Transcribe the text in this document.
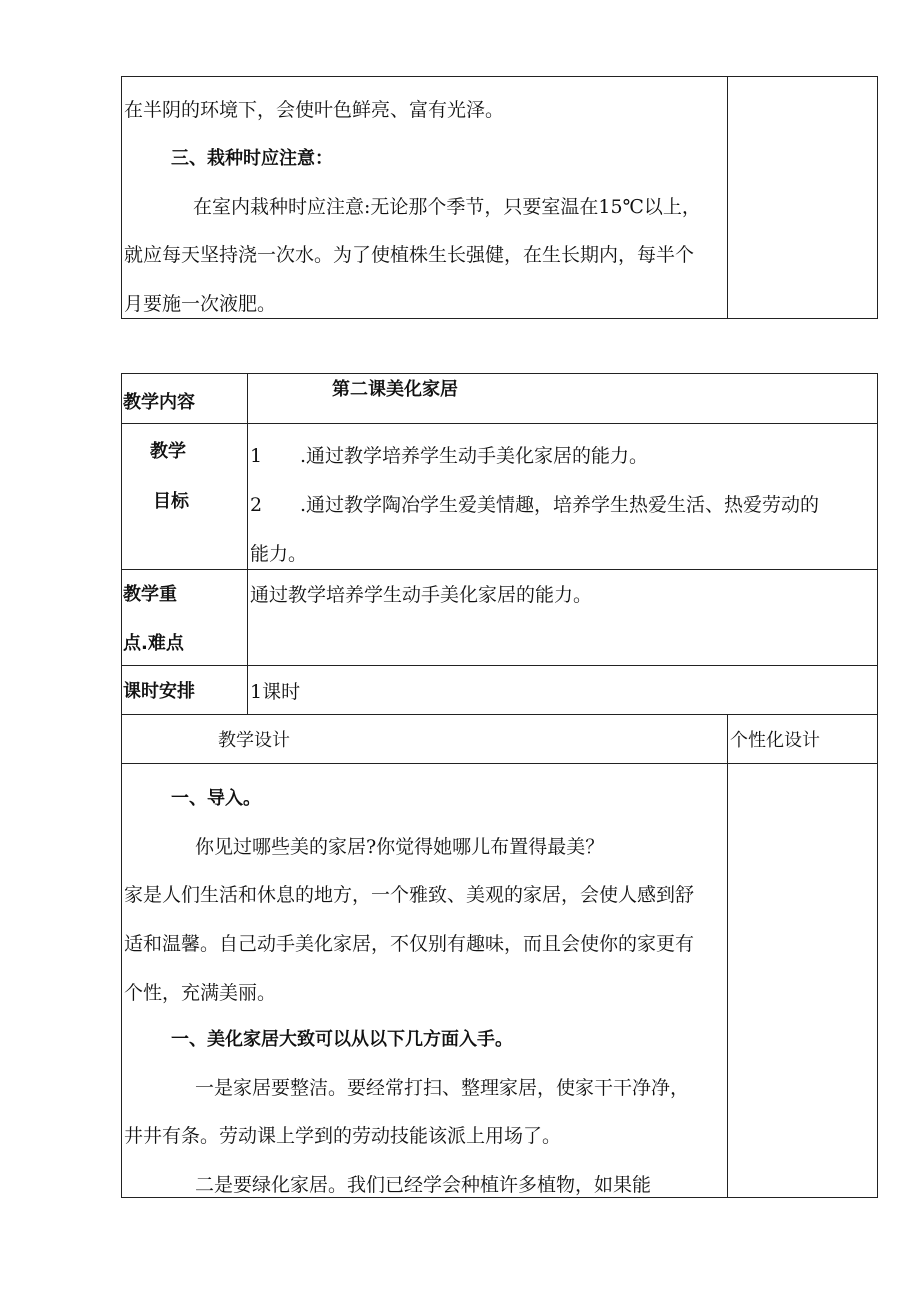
在半阴的环境下，会使叶色鲜亮、富有光泽。
三、栽种时应注意：
在室内栽种时应注意:无论那个季节，只要室温在15℃以上，
就应每天坚持浇一次水。为了使植株生长强健，在生长期内，每半个
月要施一次液肥。
教学内容
第二课美化家居
教学
目标
1 .通过教学培养学生动手美化家居的能力。
2 .通过教学陶冶学生爱美情趣，培养学生热爱生活、热爱劳动的
能力。
教学重
点.难点
通过教学培养学生动手美化家居的能力。
课时安排	1课时
教学设计	个性化设计
一、导入。
你见过哪些美的家居?你觉得她哪儿布置得最美？
家是人们生活和休息的地方，一个雅致、美观的家居，会使人感到舒
适和温馨。自己动手美化家居，不仅别有趣味，而且会使你的家更有
个性，充满美丽。
一、美化家居大致可以从以下几方面入手。
一是家居要整洁。要经常打扫、整理家居，使家干干净净，
井井有条。劳动课上学到的劳动技能该派上用场了。
二是要绿化家居。我们已经学会种植许多植物，如果能
